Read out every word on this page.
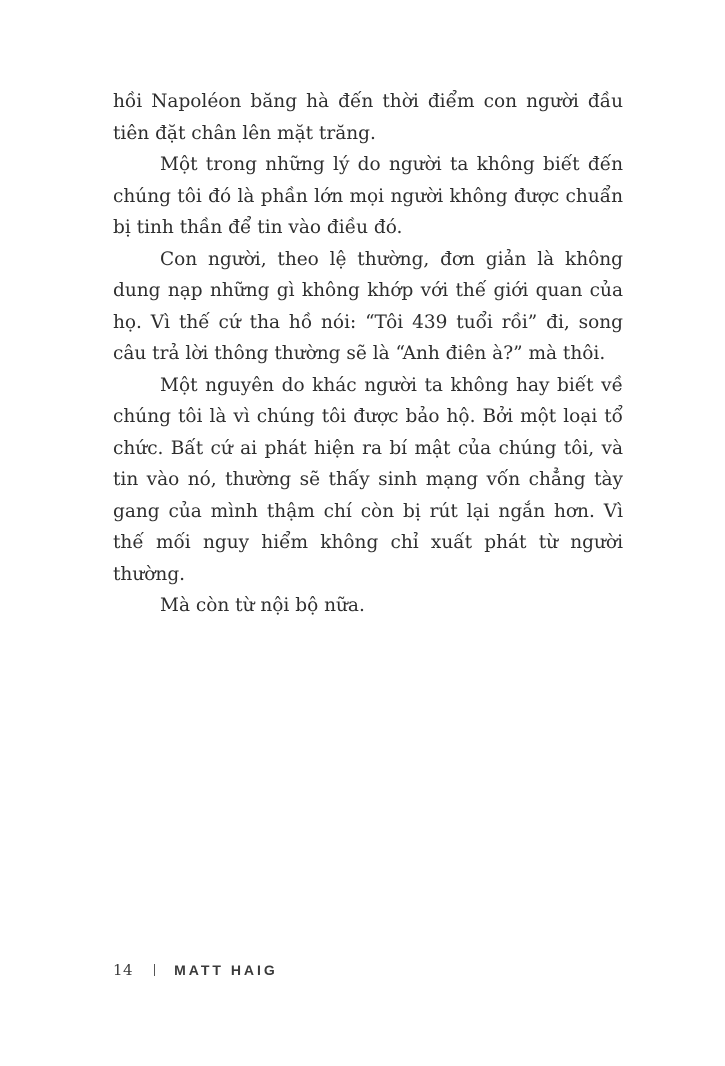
hồi Napoléon băng hà đến thời điểm con người đầu tiên đặt chân lên mặt trăng.

Một trong những lý do người ta không biết đến chúng tôi đó là phần lớn mọi người không được chuẩn bị tinh thần để tin vào điều đó.

Con người, theo lệ thường, đơn giản là không dung nạp những gì không khớp với thế giới quan của họ. Vì thế cứ tha hồ nói: “Tôi 439 tuổi rồi” đi, song câu trả lời thông thường sẽ là “Anh điên à?” mà thôi.

Một nguyên do khác người ta không hay biết về chúng tôi là vì chúng tôi được bảo hộ. Bởi một loại tổ chức. Bất cứ ai phát hiện ra bí mật của chúng tôi, và tin vào nó, thường sẽ thấy sinh mạng vốn chẳng tày gang của mình thậm chí còn bị rút lại ngắn hơn. Vì thế mối nguy hiểm không chỉ xuất phát từ người thường.

Mà còn từ nội bộ nữa.

14	MATT HAIG
